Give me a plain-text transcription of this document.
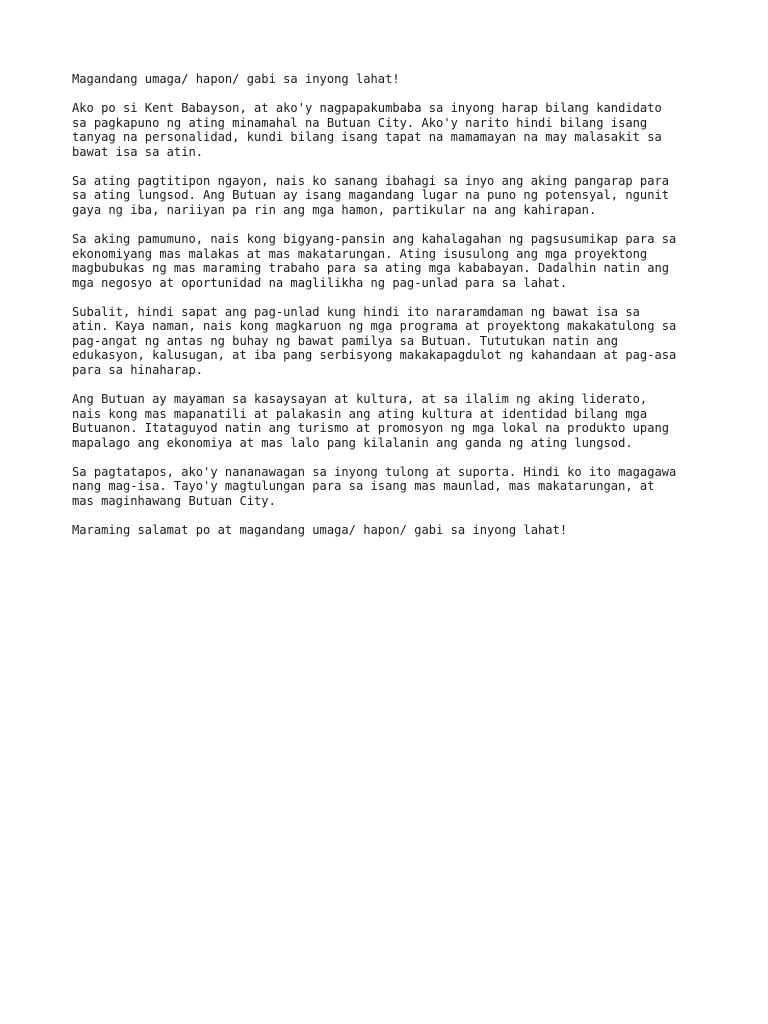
Magandang umaga/ hapon/ gabi sa inyong lahat!

Ako po si Kent Babayson, at ako'y nagpapakumbaba sa inyong harap bilang kandidato
sa pagkapuno ng ating minamahal na Butuan City. Ako'y narito hindi bilang isang
tanyag na personalidad, kundi bilang isang tapat na mamamayan na may malasakit sa
bawat isa sa atin.

Sa ating pagtitipon ngayon, nais ko sanang ibahagi sa inyo ang aking pangarap para
sa ating lungsod. Ang Butuan ay isang magandang lugar na puno ng potensyal, ngunit
gaya ng iba, nariiyan pa rin ang mga hamon, partikular na ang kahirapan.

Sa aking pamumuno, nais kong bigyang-pansin ang kahalagahan ng pagsusumikap para sa
ekonomiyang mas malakas at mas makatarungan. Ating isusulong ang mga proyektong
magbubukas ng mas maraming trabaho para sa ating mga kababayan. Dadalhin natin ang
mga negosyo at oportunidad na maglilikha ng pag-unlad para sa lahat.

Subalit, hindi sapat ang pag-unlad kung hindi ito nararamdaman ng bawat isa sa
atin. Kaya naman, nais kong magkaruon ng mga programa at proyektong makakatulong sa
pag-angat ng antas ng buhay ng bawat pamilya sa Butuan. Tututukan natin ang
edukasyon, kalusugan, at iba pang serbisyong makakapagdulot ng kahandaan at pag-asa
para sa hinaharap.

Ang Butuan ay mayaman sa kasaysayan at kultura, at sa ilalim ng aking liderato,
nais kong mas mapanatili at palakasin ang ating kultura at identidad bilang mga
Butuanon. Itataguyod natin ang turismo at promosyon ng mga lokal na produkto upang
mapalago ang ekonomiya at mas lalo pang kilalanin ang ganda ng ating lungsod.

Sa pagtatapos, ako'y nananawagan sa inyong tulong at suporta. Hindi ko ito magagawa
nang mag-isa. Tayo'y magtulungan para sa isang mas maunlad, mas makatarungan, at
mas maginhawang Butuan City.

Maraming salamat po at magandang umaga/ hapon/ gabi sa inyong lahat!
